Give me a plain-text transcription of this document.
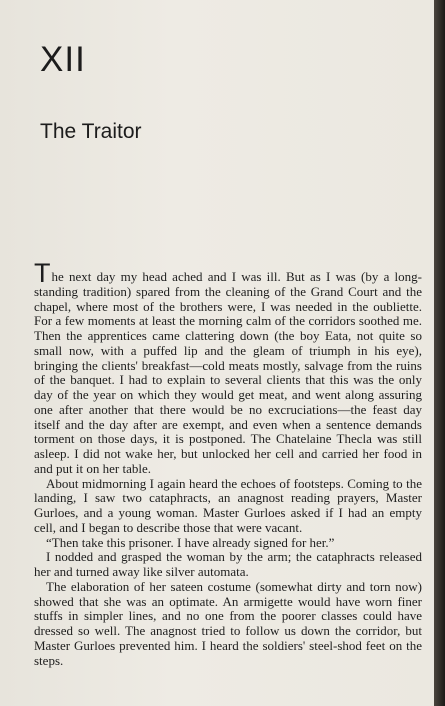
XII
The Traitor

The next day my head ached and I was ill. But as I was (by a long-standing tradition) spared from the cleaning of the Grand Court and the chapel, where most of the brothers were, I was needed in the oubliette. For a few moments at least the morning calm of the corridors soothed me. Then the apprentices came clattering down (the boy Eata, not quite so small now, with a puffed lip and the gleam of triumph in his eye), bringing the clients' breakfast—cold meats mostly, salvage from the ruins of the banquet. I had to explain to several clients that this was the only day of the year on which they would get meat, and went along assuring one after another that there would be no excruciations—the feast day itself and the day after are exempt, and even when a sentence demands torment on those days, it is postponed. The Chatelaine Thecla was still asleep. I did not wake her, but unlocked her cell and carried her food in and put it on her table.

About midmorning I again heard the echoes of footsteps. Coming to the landing, I saw two cataphracts, an anagnost reading prayers, Master Gurloes, and a young woman. Master Gurloes asked if I had an empty cell, and I began to describe those that were vacant.

“Then take this prisoner. I have already signed for her.”

I nodded and grasped the woman by the arm; the cataphracts released her and turned away like silver automata.

The elaboration of her sateen costume (somewhat dirty and torn now) showed that she was an optimate. An armigette would have worn finer stuffs in simpler lines, and no one from the poorer classes could have dressed so well. The anagnost tried to follow us down the corridor, but Master Gurloes prevented him. I heard the soldiers' steel-shod feet on the steps.
